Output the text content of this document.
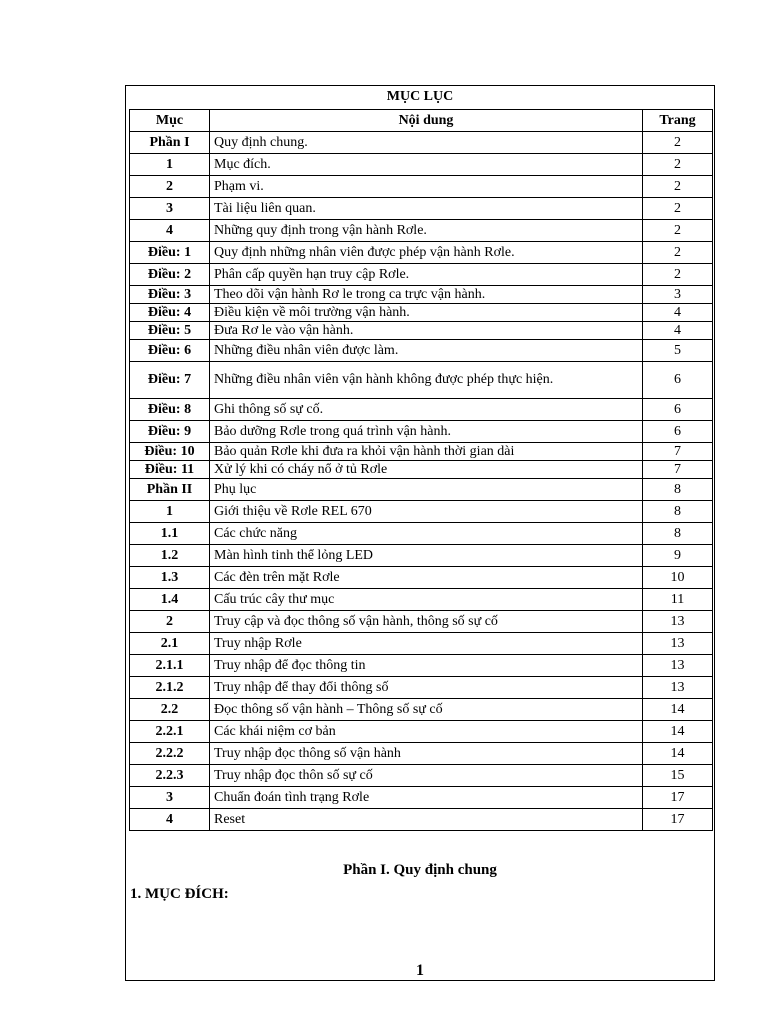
MỤC LỤC
Mục	Nội dung	Trang
Phần I	Quy định chung.	2
1	Mục đích.	2
2	Phạm vi.	2
3	Tài liệu liên quan.	2
4	Những quy định trong vận hành Rơle.	2
Điều: 1	Quy định những nhân viên được phép vận hành Rơle.	2
Điều: 2	Phân cấp quyền hạn truy cập Rơle.	2
Điều: 3	Theo dõi vận hành Rơ le trong ca trực vận hành.	3
Điều: 4	Điều kiện về môi trường vận hành.	4
Điều: 5	Đưa Rơ le vào vận hành.	4
Điều: 6	Những điều nhân viên được làm.	5
Điều: 7	Những điều nhân viên vận hành không được phép thực hiện.	6
Điều: 8	Ghi thông số sự cố.	6
Điều: 9	Bảo dưỡng Rơle trong quá trình vận hành.	6
Điều: 10	Bảo quản Rơle khi đưa ra khỏi vận hành thời gian dài	7
Điều: 11	Xử lý khi có cháy nổ ở tủ Rơle	7
Phần II	Phụ lục	8
1	Giới thiệu về Rơle REL 670	8
1.1	Các chức năng	8
1.2	Màn hình tinh thể lỏng LED	9
1.3	Các đèn trên mặt Rơle	10
1.4	Cấu trúc cây thư mục	11
2	Truy cập và đọc thông số vận hành, thông số sự cố	13
2.1	Truy nhập Rơle	13
2.1.1	Truy nhập để đọc thông tin	13
2.1.2	Truy nhập để thay đổi thông số	13
2.2	Đọc thông số vận hành – Thông số sự cố	14
2.2.1	Các khái niệm cơ bản	14
2.2.2	Truy nhập đọc thông số vận hành	14
2.2.3	Truy nhập đọc thôn số sự cố	15
3	Chuẩn đoán tình trạng Rơle	17
4	Reset	17
Phần I. Quy định chung
1. MỤC ĐÍCH:
1
